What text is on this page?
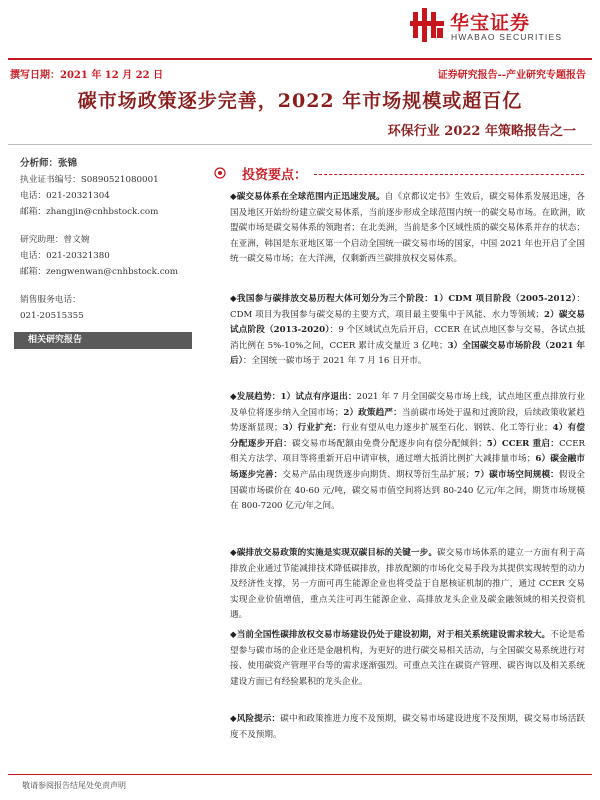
华宝证券
HWABAO SECURITIES
撰写日期：2021 年 12 月 22 日	证券研究报告--产业研究专题报告
碳市场政策逐步完善，2022 年市场规模或超百亿
环保行业 2022 年策略报告之一
分析师：张锦
执业证书编号：S0890521080001
电话：021-20321304
邮箱：zhangjin@cnhbstock.com
研究助理：曾文婉
电话：021-20321380
邮箱：zengwenwan@cnhbstock.com
销售服务电话：
021-20515355
相关研究报告
投资要点：
◆碳交易体系在全球范围内正迅速发展。自《京都议定书》生效后，碳交易体系发展迅速，各国及地区开始纷纷建立碳交易体系，当前逐步形成全球范围内统一的碳交易市场。在欧洲，欧盟碳市场是碳交易体系的领跑者；在北美洲，当前是多个区域性质的碳交易体系并存的状态；在亚洲，韩国是东亚地区第一个启动全国统一碳交易市场的国家，中国 2021 年也开启了全国统一碳交易市场；在大洋洲，仅剩新西兰碳排放权交易体系。
◆我国参与碳排放交易历程大体可划分为三个阶段：1）CDM 项目阶段（2005-2012）：CDM 项目为我国参与碳交易的主要方式，项目最主要集中于风能、水力等领域；2）碳交易试点阶段（2013-2020）：9 个区域试点先后开启，CCER 在试点地区参与交易，各试点抵消比例在 5%-10%之间，CCER 累计成交量近 3 亿吨；3）全国碳交易市场阶段（2021 年后）：全国统一碳市场于 2021 年 7 月 16 日开市。
◆发展趋势：1）试点有序退出：2021 年 7 月全国碳交易市场上线，试点地区重点排放行业及单位将逐步纳入全国市场；2）政策趋严：当前碳市场处于温和过渡阶段，后续政策收紧趋势逐渐显现；3）行业扩充：行业有望从电力逐步扩展至石化、钢铁、化工等行业；4）有偿分配逐步开启：碳交易市场配额由免费分配逐步向有偿分配倾斜；5）CCER 重启：CCER 相关方法学、项目等将重新开启申请审核，通过增大抵消比例扩大减排量市场；6）碳金融市场逐步完善：交易产品由现货逐步向期货、期权等衍生品扩展；7）碳市场空间规模：假设全国碳市场碳价在 40-60 元/吨，碳交易市值空间将达到 80-240 亿元/年之间，期货市场规模在 800-7200 亿元/年之间。
◆碳排放交易政策的实施是实现双碳目标的关键一步。碳交易市场体系的建立一方面有利于高排放企业通过节能减排技术降低碳排放，排放配额的市场化交易手段为其提供实现转型的动力及经济性支撑，另一方面可再生能源企业也将受益于自愿核证机制的推广，通过 CCER 交易实现企业价值增值，重点关注可再生能源企业、高排放龙头企业及碳金融领域的相关投资机遇。
◆当前全国性碳排放权交易市场建设仍处于建设初期，对于相关系统建设需求较大。不论是希望参与碳市场的企业还是金融机构，为更好的进行碳交易相关活动，与全国碳交易系统进行对接、使用碳资产管理平台等的需求逐渐强烈。可重点关注在碳资产管理、碳咨询以及相关系统建设方面已有经验累积的龙头企业。
◆风险提示：碳中和政策推进力度不及预期，碳交易市场建设进度不及预期，碳交易市场活跃度不及预期。
敬请参阅报告结尾处免责声明
